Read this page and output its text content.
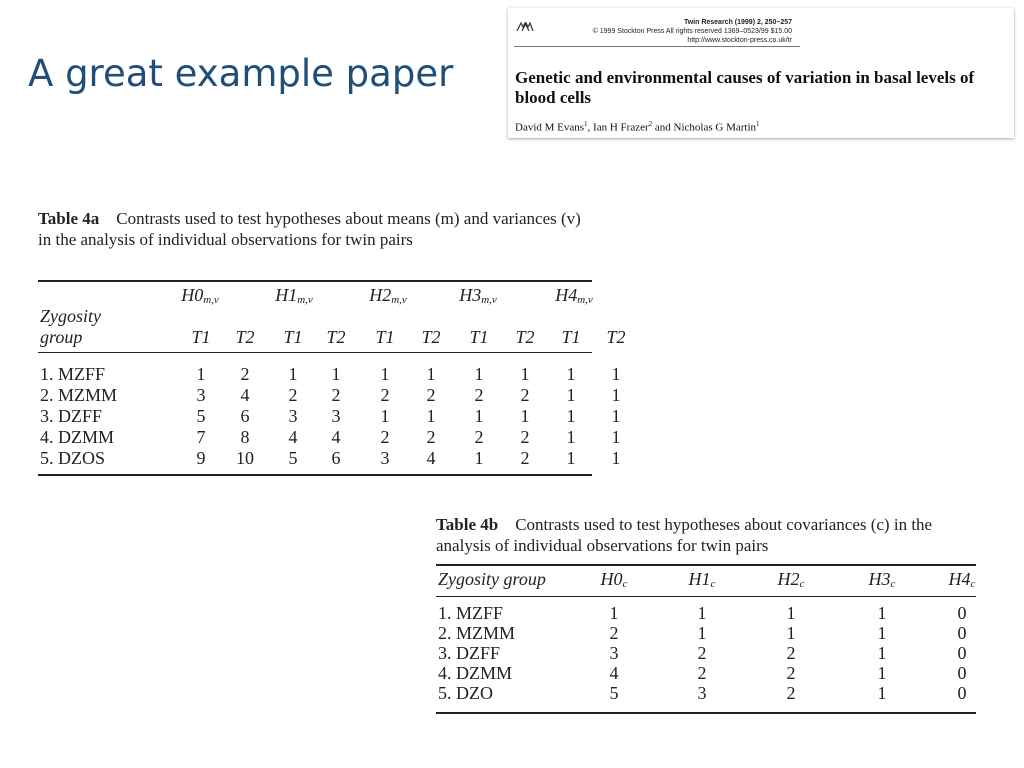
A great example paper
Twin Research (1999) 2, 250–257
© 1999 Stockton Press All rights reserved 1369–0523/99 $15.00
http://www.stockton-press.co.uk/tr
Genetic and environmental causes of variation in basal levels of blood cells
David M Evans$^1$, Ian H Frazer$^2$ and Nicholas G Martin$^1$
Table 4a  Contrasts used to test hypotheses about means (m) and variances (v) in the analysis of individual observations for twin pairs
$H0_{m,v}$	$H1_{m,v}$	$H2_{m,v}$	$H3_{m,v}$	$H4_{m,v}$
Zygosity
group	T1 T2 T1 T2 T1 T2 T1 T2 T1 T2
1. MZFF	1 2 1 1 1 1 1 1 1 1
2. MZMM	3 4 2 2 2 2 2 2 1 1
3. DZFF	5 6 3 3 1 1 1 1 1 1
4. DZMM	7 8 4 4 2 2 2 2 1 1
5. DZOS	9 10 5 6 3 4 1 2 1 1
Table 4b  Contrasts used to test hypotheses about covariances (c) in the analysis of individual observations for twin pairs
Zygosity group	$H0_c$	$H1_c$	$H2_c$	$H3_c$	$H4_c$
1. MZFF	1	1	1	1	0
2. MZMM	2	1	1	1	0
3. DZFF	3	2	2	1	0
4. DZMM	4	2	2	1	0
5. DZO	5	3	2	1	0
